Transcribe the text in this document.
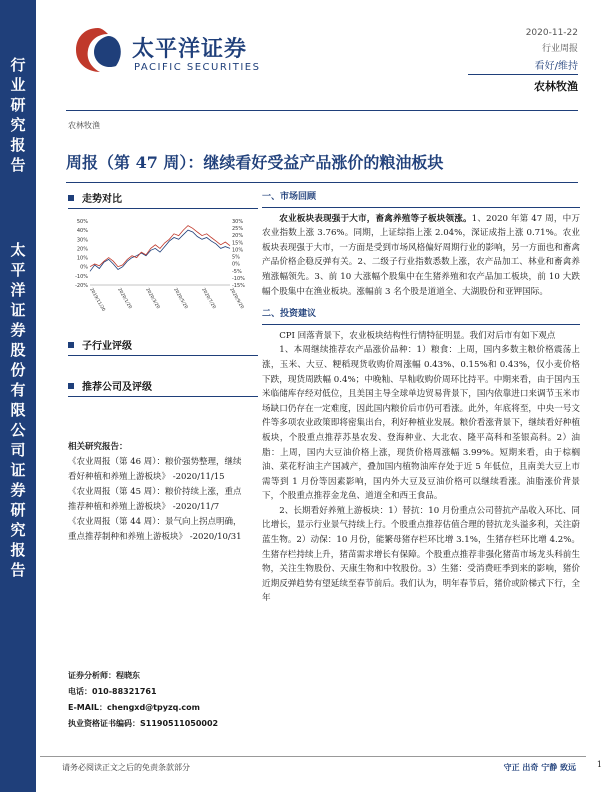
行业研究报告
太平洋证券股份有限公司证券研究报告
太平洋证券
PACIFIC SECURITIES
2020-11-22
行业周报
看好/维持
农林牧渔
农林牧渔
周报（第 47 周）：继续看好受益产品涨价的粮油板块
走势对比
50%
40%
30%
20%
10%
0%
-10%
-20%
30%
25%
20%
15%
10%
5%
0%
-5%
-10%
-15%
2019/11/20 2020/1/20	2020/3/20	2020/5/20	2020/7/20	2020/9/20
子行业评级
推荐公司及评级
相关研究报告：
《农业周报（第 46 周）：粮价强势整理，继续看好种植和养殖上游板块》 -2020/11/15
《农业周报（第 45 周）：粮价持续上涨，重点推荐种植和养殖上游板块》 -2020/11/7
《农业周报（第 44 周）：景气向上拐点明确，重点推荐制种和养殖上游板块》 -2020/10/31
证券分析师：程晓东
电话：010-88321761
E-MAIL：chengxd@tpyzq.com
执业资格证书编码：S1190511050002
一、市场回顾

农业板块表现强于大市，畜禽养殖等子板块领涨。1、2020 年第 47 周，中万农业指数上涨 3.76%。同期，上证综指上涨 2.04%，深证成指上涨 0.71%。农业板块表现强于大市，一方面是受到市场风格偏好周期行业的影响，另一方面也和畜禽产品价格企稳反弹有关。2、二级子行业指数悉数上涨，农产品加工、林业和畜禽养殖涨幅领先。3、前 10 大涨幅个股集中在生猪养殖和农产品加工板块，前 10 大跌幅个股集中在渔业板块。涨幅前 3 名个股是道道全、大湖股份和亚钾国际。

二、投资建议

CPI 回落背景下，农业板块结构性行情特征明显。我们对后市有如下观点

1、本周继续推荐农产品涨价品种：1）粮食：上周，国内多数主粮价格震荡上涨，玉米、大豆、粳稻现货收购价周涨幅 0.43%、0.15%和 0.43%，仅小麦价格下跌，现货周跌幅 0.4%；中晚籼、早籼收购价周环比持平。中期来看，由于国内玉米临储库存经对低位，且美国主导全球单边贸易背景下，国内依靠进口来调节玉米市场缺口仍存在一定难度，因此国内粮价后市仍可看涨。此外，年底将至，中央一号文件等多项农业政策即将密集出台，利好种植业发展。粮价看涨背景下，继续看好种植板块，个股重点推荐苏垦农发、登海种业、大北农、隆平高科和荃银高科。2）油脂：上周，国内大豆油价格上涨，现货价格周涨幅 3.99%。短期来看，由于棕榈油、菜花籽油主产国减产，叠加国内植物油库存处于近 5 年低位，且南美大豆上市需等到 1 月份等因素影响，国内外大豆及豆油价格可以继续看涨。油脂涨价背景下，个股重点推荐金龙鱼、道道全和西王食品。

2、长期看好养殖上游板块：1）替抗：10 月份重点公司替抗产品收入环比、同比增长，显示行业景气持续上行。个股重点推荐估值合理的替抗龙头溢多利，关注蔚蓝生物。2）动保：10 月份，能繁母猪存栏环比增 3.1%，生猪存栏环比增 4.2%。生猪存栏持续上升，猪苗需求增长有保障。个股重点推荐非强化猪苗市场龙头科前生物，关注生物股份、天康生物和中牧股份。3）生猪：受消费旺季到来的影响，猪价近期反弹趋势有望延续至春节前后。我们认为，明年春节后，猪价或阶梯式下行，全年

请务必阅读正文之后的免责条款部分	守正 出奇 宁静 致远	1
